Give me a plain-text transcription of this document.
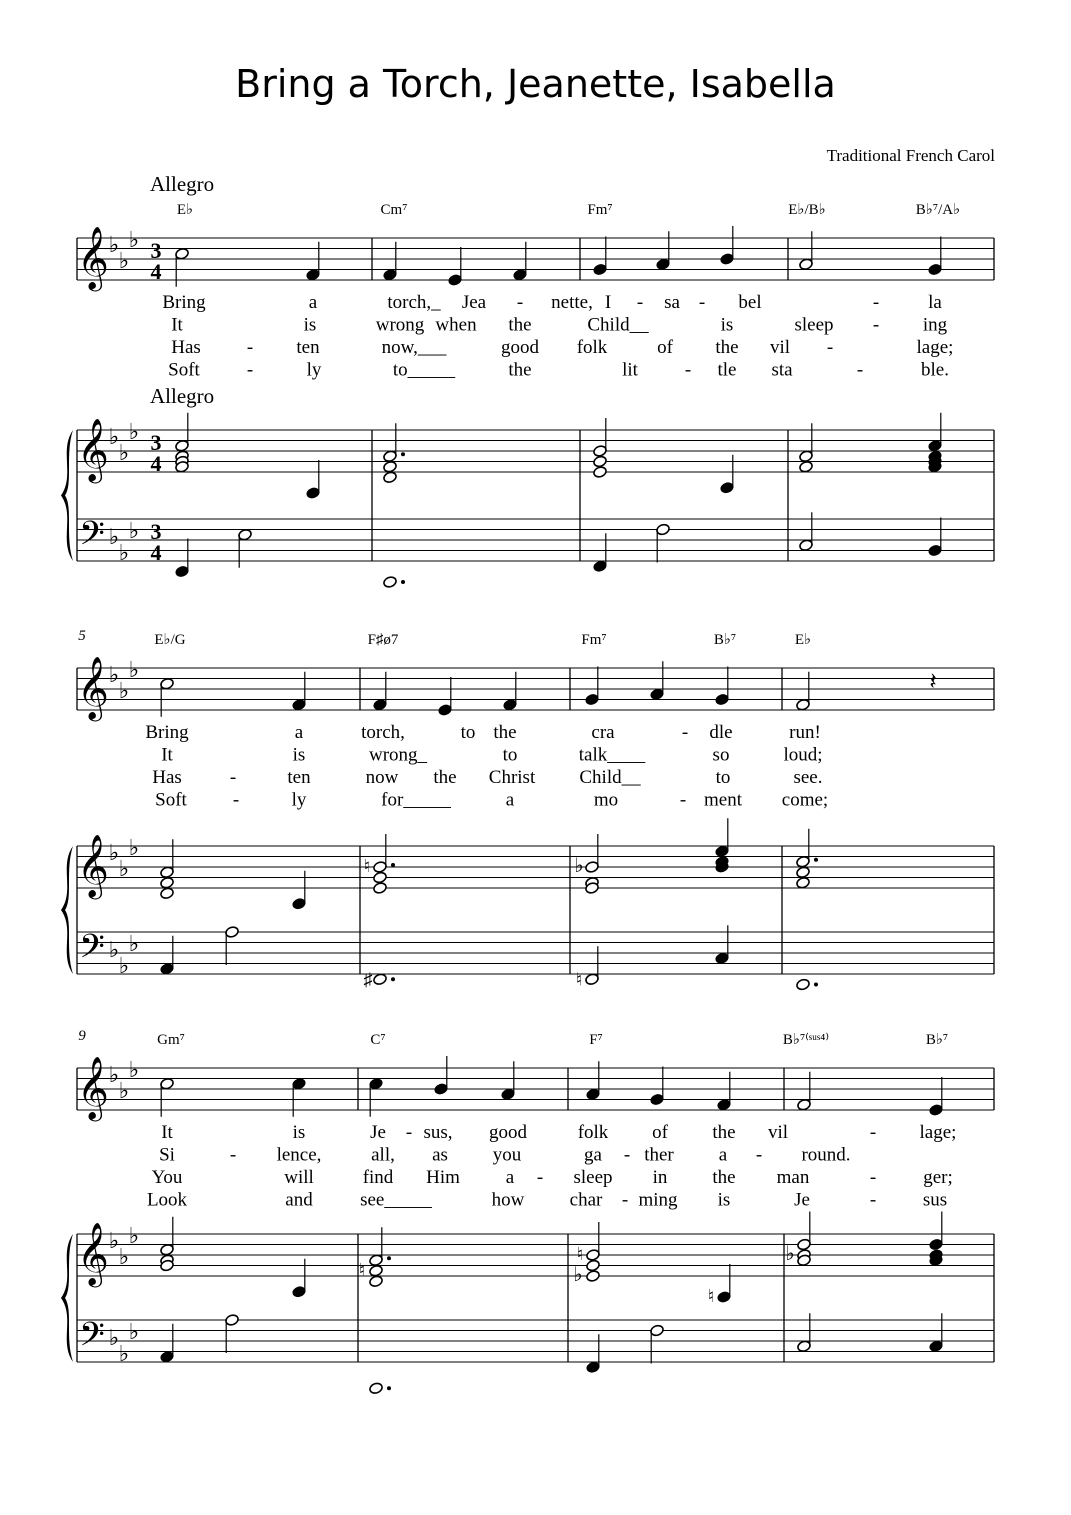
Bring a Torch, Jeanette, Isabella
Traditional French Carol
Allegro
Allegro
𝄞 ♭
♭
♭
𝄞 ♭
♭
♭
𝄢 ♭
♭
♭
3
4
3
4
3
4
E♭	Cm⁷	Fm⁷	E♭/B♭	B♭⁷/A♭
Bring	a	torch,_ Jea - nette, I - sa - bel	-	la
It	is	wrong when the	Child__	is	sleep - ing
Has - ten	now,___	good folk	of the vil -	lage;
Soft -	ly	to_____	the	lit - tle sta	-	ble.
𝄞 ♭
♭
♭
𝄞 ♭
♭
♭
𝄢 ♭
♭
♭
5	E♭/G	F♯ø7	Fm⁷	B♭⁷	E♭
Bring	a	torch,	to the	cra	- dle	run!
It	is	wrong_	to	talk____	so	loud;
Has	-	ten	now the Christ Child__	to	see.
Soft -	ly	for_____	a	mo	- ment come;
𝄞 ♭
♭
♭
𝄞 ♭
♭
♭
𝄢 ♭
♭
♭
9	Gm⁷	C⁷	F⁷	B♭⁷⁽ˢᵘˢ⁴⁾	B♭⁷
It	is	Je - sus, good	folk of the vil	- lage;
Si	- lence,	all, as you	ga - ther a - round.
You	will	find Him a - sleep in the man	- ger;
Look	and see_____	how char - ming is	Je	- sus
𝄽
♮	♭
♯	♮
♮
♮
♭
♮
♭
